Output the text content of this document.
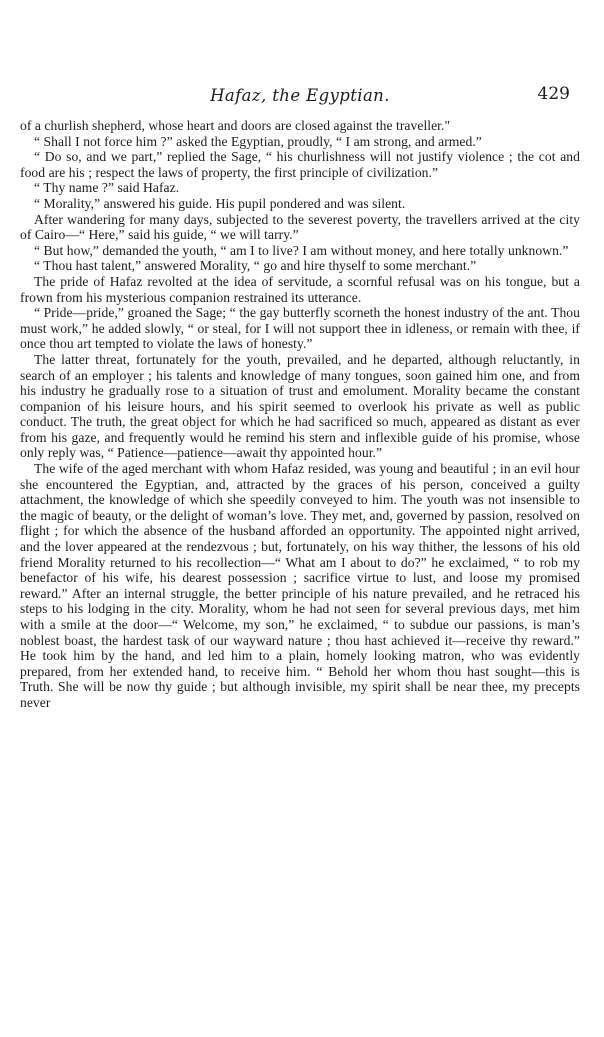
Hafaz, the Egyptian.	429

of a churlish shepherd, whose heart and doors are closed against the traveller."

“ Shall I not force him ?” asked the Egyptian, proudly, “ I am strong, and armed.”

“ Do so, and we part,” replied the Sage, “ his churlishness will not justify violence ; the cot and food are his ; respect the laws of property, the first principle of civilization.”

“ Thy name ?” said Hafaz.

“ Morality,” answered his guide. His pupil pondered and was silent.

After wandering for many days, subjected to the severest poverty, the travellers arrived at the city of Cairo—“ Here,” said his guide, “ we will tarry.”

“ But how,” demanded the youth, “ am I to live? I am without money, and here totally unknown.”

“ Thou hast talent,” answered Morality, “ go and hire thyself to some merchant.”

The pride of Hafaz revolted at the idea of servitude, a scornful refusal was on his tongue, but a frown from his mysterious companion restrained its utterance.

“ Pride—pride,” groaned the Sage; “ the gay butterfly scorneth the honest industry of the ant. Thou must work,” he added slowly, “ or steal, for I will not support thee in idleness, or remain with thee, if once thou art tempted to violate the laws of honesty.”

The latter threat, fortunately for the youth, prevailed, and he departed, although reluctantly, in search of an employer ; his talents and knowledge of many tongues, soon gained him one, and from his industry he gradually rose to a situation of trust and emolument. Morality became the constant companion of his leisure hours, and his spirit seemed to overlook his private as well as public conduct. The truth, the great object for which he had sacrificed so much, appeared as distant as ever from his gaze, and frequently would he remind his stern and inflexible guide of his promise, whose only reply was, “ Patience—patience—await thy appointed hour.”

The wife of the aged merchant with whom Hafaz resided, was young and beautiful ; in an evil hour she encountered the Egyptian, and, attracted by the graces of his person, conceived a guilty attachment, the knowledge of which she speedily conveyed to him. The youth was not insensible to the magic of beauty, or the delight of woman’s love. They met, and, governed by passion, resolved on flight ; for which the absence of the husband afforded an opportunity. The appointed night arrived, and the lover appeared at the rendezvous ; but, fortunately, on his way thither, the lessons of his old friend Morality returned to his recollection—“ What am I about to do?” he exclaimed, “ to rob my benefactor of his wife, his dearest possession ; sacrifice virtue to lust, and loose my promised reward.” After an internal struggle, the better principle of his nature prevailed, and he retraced his steps to his lodging in the city. Morality, whom he had not seen for several previous days, met him with a smile at the door—“ Welcome, my son,” he exclaimed, “ to subdue our passions, is man’s noblest boast, the hardest task of our wayward nature ; thou hast achieved it—receive thy reward.” He took him by the hand, and led him to a plain, homely looking matron, who was evidently prepared, from her extended hand, to receive him. “ Behold her whom thou hast sought—this is Truth. She will be now thy guide ; but although invisible, my spirit shall be near thee, my precepts never
